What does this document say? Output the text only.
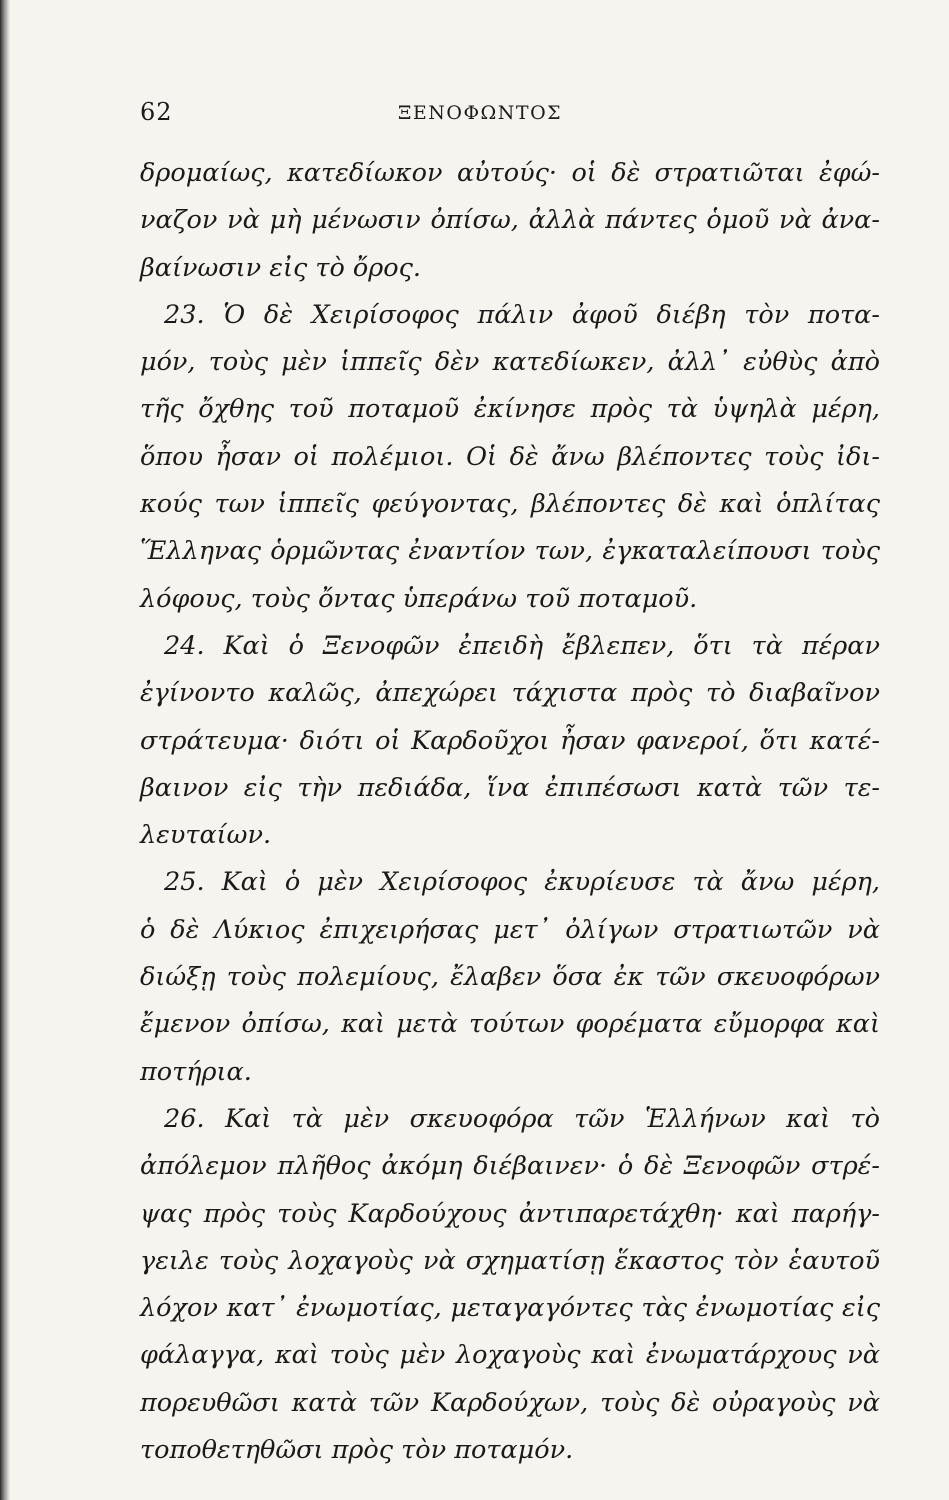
62	ΞΕΝΟΦΩΝΤΟΣ
δρομαίως, κατεδίωκον αὐτούς· οἱ δὲ στρατιῶται ἐφώ-
ναζον νὰ μὴ μένωσιν ὀπίσω, ἀλλὰ πάντες ὁμοῦ νὰ ἀνα-
βαίνωσιν εἰς τὸ ὄρος.
23. Ὁ δὲ Χειρίσοφος πάλιν ἀφοῦ διέβη τὸν ποτα-
μόν, τοὺς μὲν ἱππεῖς δὲν κατεδίωκεν, ἀλλ᾽ εὐθὺς ἀπὸ
τῆς ὄχθης τοῦ ποταμοῦ ἐκίνησε πρὸς τὰ ὑψηλὰ μέρη,
ὅπου ἦσαν οἱ πολέμιοι. Οἱ δὲ ἄνω βλέποντες τοὺς ἰδι-
κούς των ἱππεῖς φεύγοντας, βλέποντες δὲ καὶ ὁπλίτας
Ἕλληνας ὁρμῶντας ἐναντίον των, ἐγκαταλείπουσι τοὺς
λόφους, τοὺς ὄντας ὑπεράνω τοῦ ποταμοῦ.
24. Καὶ ὁ Ξενοφῶν ἐπειδὴ ἔβλεπεν, ὅτι τὰ πέραν
ἐγίνοντο καλῶς, ἀπεχώρει τάχιστα πρὸς τὸ διαβαῖνον
στράτευμα· διότι οἱ Καρδοῦχοι ἦσαν φανεροί, ὅτι κατέ-
βαινον εἰς τὴν πεδιάδα, ἵνα ἐπιπέσωσι κατὰ τῶν τε-
λευταίων.
25. Καὶ ὁ μὲν Χειρίσοφος ἐκυρίευσε τὰ ἄνω μέρη,
ὁ δὲ Λύκιος ἐπιχειρήσας μετ᾽ ὀλίγων στρατιωτῶν νὰ
διώξῃ τοὺς πολεμίους, ἔλαβεν ὅσα ἐκ τῶν σκευοφόρων
ἔμενον ὀπίσω, καὶ μετὰ τούτων φορέματα εὔμορφα καὶ
ποτήρια.
26. Καὶ τὰ μὲν σκευοφόρα τῶν Ἑλλήνων καὶ τὸ
ἀπόλεμον πλῆθος ἀκόμη διέβαινεν· ὁ δὲ Ξενοφῶν στρέ-
ψας πρὸς τοὺς Καρδούχους ἀντιπαρετάχθη· καὶ παρήγ-
γειλε τοὺς λοχαγοὺς νὰ σχηματίσῃ ἕκαστος τὸν ἑαυτοῦ
λόχον κατ᾽ ἐνωμοτίας, μεταγαγόντες τὰς ἐνωμοτίας εἰς
φάλαγγα, καὶ τοὺς μὲν λοχαγοὺς καὶ ἐνωματάρχους νὰ
πορευθῶσι κατὰ τῶν Καρδούχων, τοὺς δὲ οὐραγοὺς νὰ
τοποθετηθῶσι πρὸς τὸν ποταμόν.
